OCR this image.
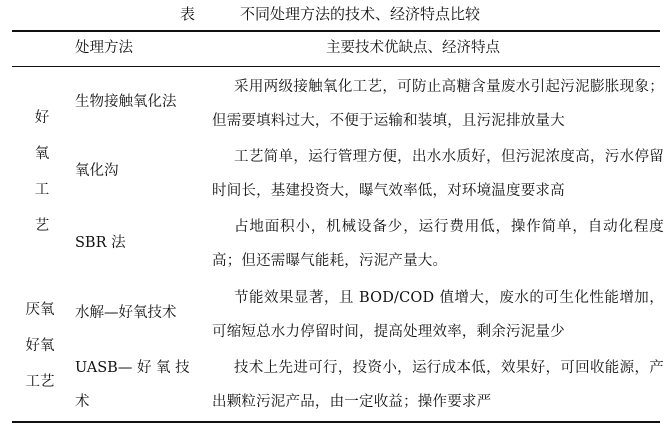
表	不同处理方法的技术、经济特点比较
处理方法	主要技术优缺点、经济特点
好
氧
工
艺
生物接触氧化法
采用两级接触氧化工艺，可防止高糖含量废水引起污泥膨胀现象；但需要填料过大，不便于运输和装填，且污泥排放量大
氧化沟
工艺简单，运行管理方便，出水水质好，但污泥浓度高，污水停留时间长，基建投资大，曝气效率低，对环境温度要求高
SBR 法
占地面积小，机械设备少，运行费用低，操作简单，自动化程度高；但还需曝气能耗，污泥产量大。
厌氧
好氧
工艺
水解—好氧技术
节能效果显著，且 BOD/COD 值增大，废水的可生化性能增加，可缩短总水力停留时间，提高处理效率，剩余污泥量少
UASB— 好 氧 技 术
技术上先进可行，投资小，运行成本低，效果好，可回收能源，产出颗粒污泥产品，由一定收益；操作要求严
